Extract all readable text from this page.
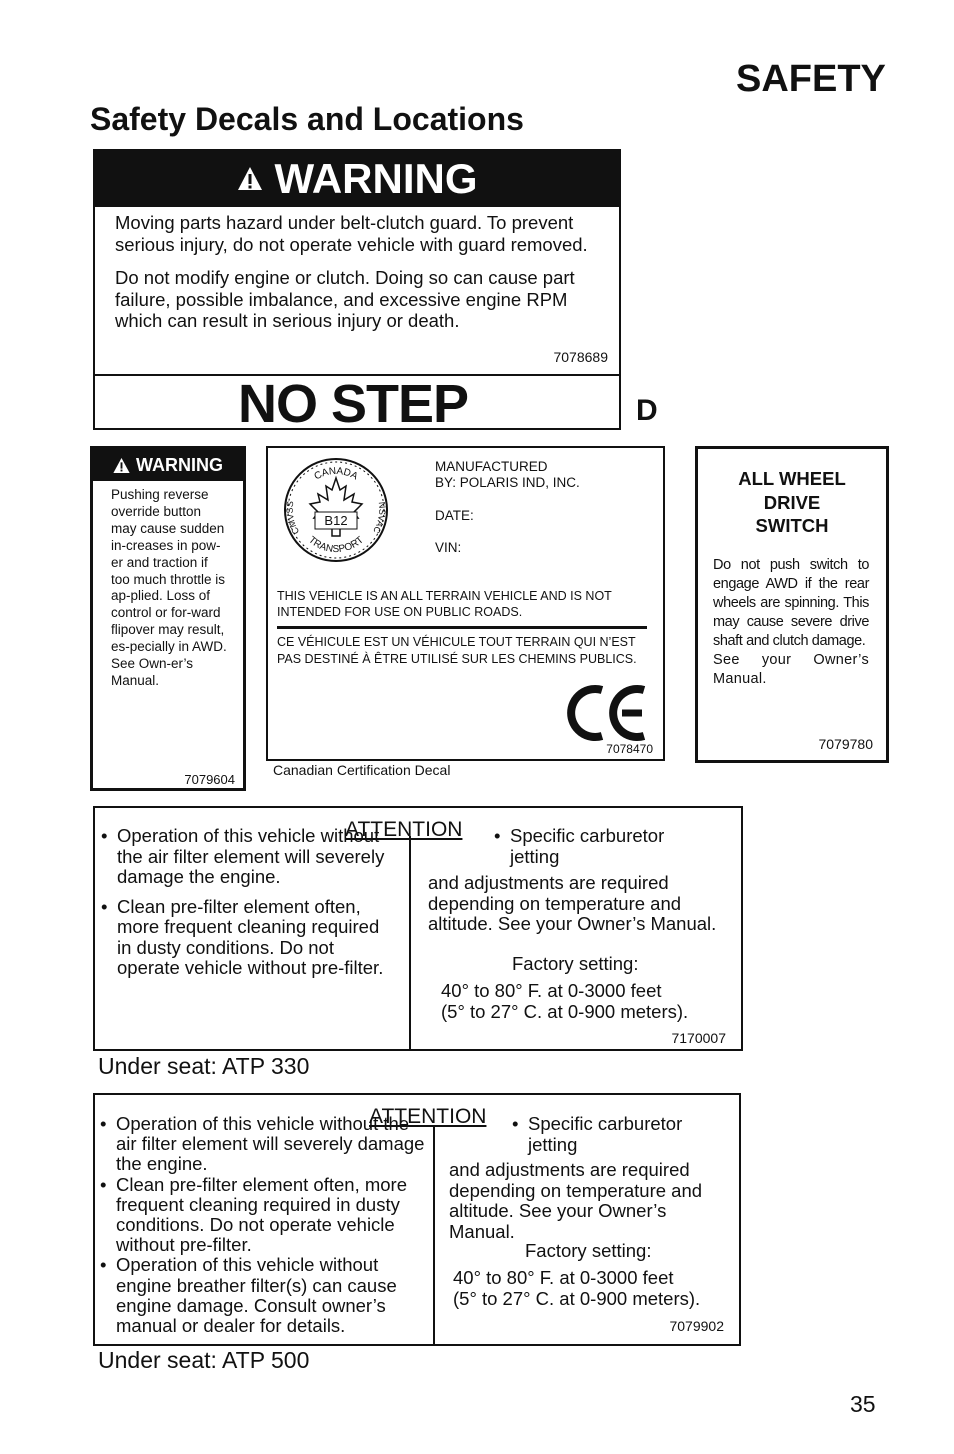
SAFETY
Safety Decals and Locations
WARNING

Moving parts hazard under belt-clutch guard. To prevent serious injury, do not operate vehicle with guard removed.

Do not modify engine or clutch. Doing so can cause part failure, possible imbalance, and excessive engine RPM which can result in serious injury or death.

7078689
NO STEP	D
WARNING
Pushing reverse override button may cause sudden in-creases in pow-er and traction if too much throttle is ap-plied. Loss of control or for-ward flipover may result, es-pecially in AWD. See Own-er’s Manual.
7079604
CANADA
TRANSPORT
CMVSS	NSVAC
B12
MANUFACTURED
BY: POLARIS IND, INC.
DATE:
VIN:
THIS VEHICLE IS AN ALL TERRAIN VEHICLE AND IS NOT INTENDED FOR USE ON PUBLIC ROADS.
CE VÉHICULE EST UN VÉHICULE TOUT TERRAIN QUI N’EST PAS DESTINÉ À ÊTRE UTILISÉ SUR LES CHEMINS PUBLICS.
7078470
Canadian Certification Decal
ALL WHEEL
DRIVE
SWITCH
Do not push switch to engage AWD if the rear wheels are spinning. This may cause severe drive shaft and clutch damage.
See your Owner’s Manual.
7079780
• Operation of this vehicle without the air filter element will severely damage the engine.
• Clean pre-filter element often, more frequent cleaning required in dusty conditions. Do not operate vehicle without pre-filter.
ATTENTION	• Specific carburetor jetting
and adjustments are required depending on temperature and altitude. See your Owner’s Manual.
Factory setting:
40° to 80° F. at 0-3000 feet
(5° to 27° C. at 0-900 meters).
7170007
Under seat: ATP 330
• Operation of this vehicle without the air filter element will severely damage the engine.
• Clean pre-filter element often, more frequent cleaning required in dusty conditions. Do not operate vehicle without pre-filter.
• Operation of this vehicle without engine breather filter(s) can cause engine damage. Consult owner’s manual or dealer for details.
ATTENTION	• Specific carburetor jetting
and adjustments are required depending on temperature and altitude. See your Owner’s Manual.
Factory setting:
40° to 80° F. at 0-3000 feet
(5° to 27° C. at 0-900 meters).
7079902
Under seat: ATP 500
35
